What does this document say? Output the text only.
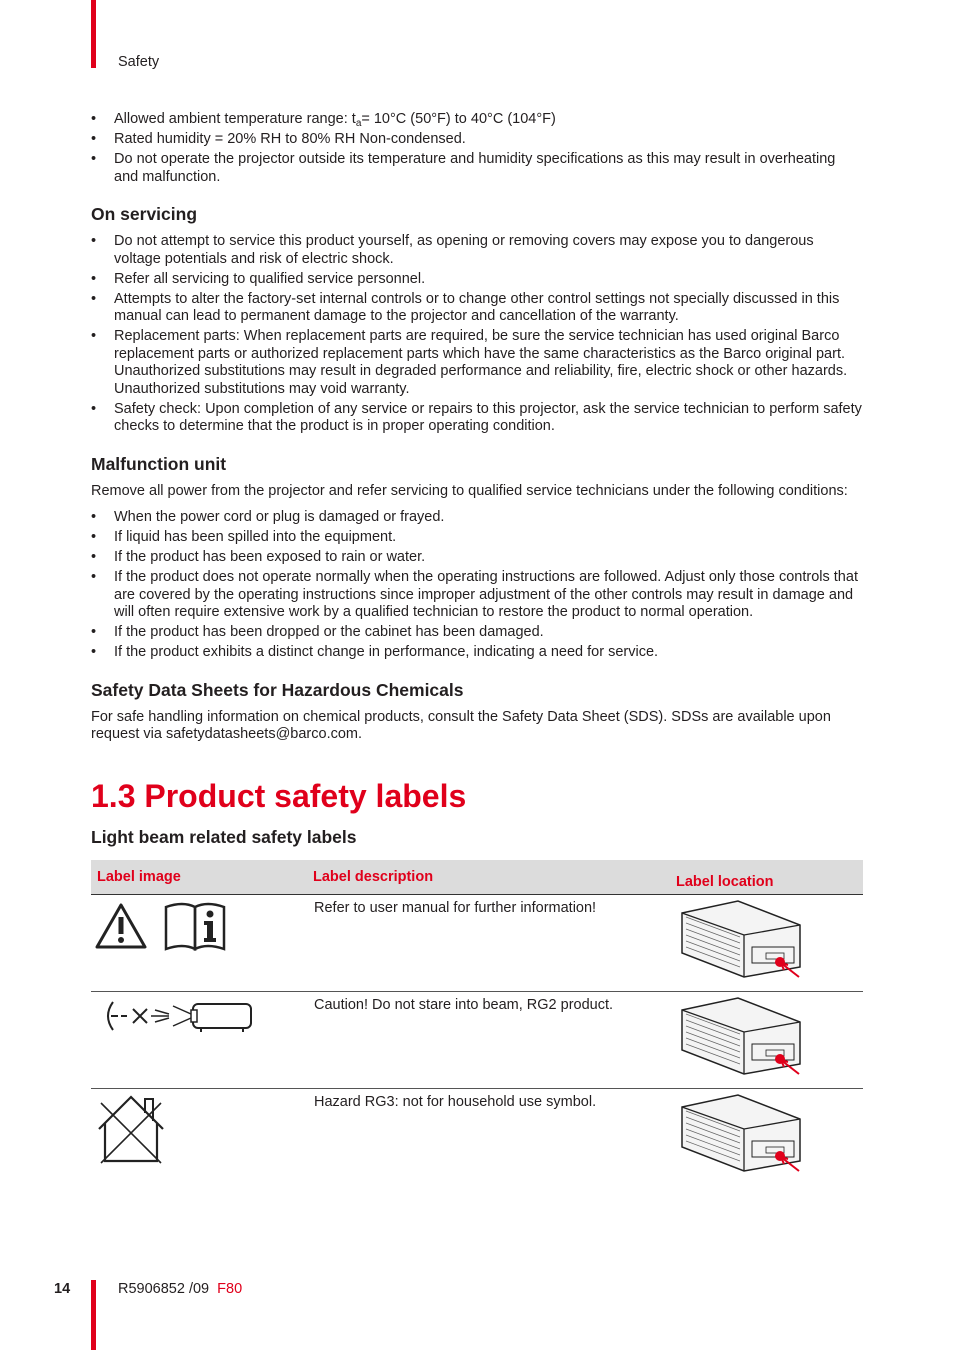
Safety
• Allowed ambient temperature range: $t_a= 10^\circ C$ (50°F) to 40°C (104°F)
• Rated humidity = 20% RH to 80% RH Non-condensed.
• Do not operate the projector outside its temperature and humidity specifications as this may result in overheating and malfunction.
On servicing
• Do not attempt to service this product yourself, as opening or removing covers may expose you to dangerous voltage potentials and risk of electric shock.
• Refer all servicing to qualified service personnel.
• Attempts to alter the factory-set internal controls or to change other control settings not specially discussed in this manual can lead to permanent damage to the projector and cancellation of the warranty.
• Replacement parts: When replacement parts are required, be sure the service technician has used original Barco replacement parts or authorized replacement parts which have the same characteristics as the Barco original part. Unauthorized substitutions may result in degraded performance and reliability, fire, electric shock or other hazards. Unauthorized substitutions may void warranty.
• Safety check: Upon completion of any service or repairs to this projector, ask the service technician to perform safety checks to determine that the product is in proper operating condition.
Malfunction unit

Remove all power from the projector and refer servicing to qualified service technicians under the following conditions:

• When the power cord or plug is damaged or frayed.
• If liquid has been spilled into the equipment.
• If the product has been exposed to rain or water.
• If the product does not operate normally when the operating instructions are followed. Adjust only those controls that are covered by the operating instructions since improper adjustment of the other controls may result in damage and will often require extensive work by a qualified technician to restore the product to normal operation.
• If the product has been dropped or the cabinet has been damaged.
• If the product exhibits a distinct change in performance, indicating a need for service.
Safety Data Sheets for Hazardous Chemicals

For safe handling information on chemical products, consult the Safety Data Sheet (SDS). SDSs are available upon request via safetydatasheets@barco.com.

1.3 Product safety labels
Light beam related safety labels
Label image	Label description	Label location
	Refer to user manual for further information!	
	Caution! Do not stare into beam, RG2 product.	
	Hazard RG3: not for household use symbol.	
14	R5906852 /09 F80
